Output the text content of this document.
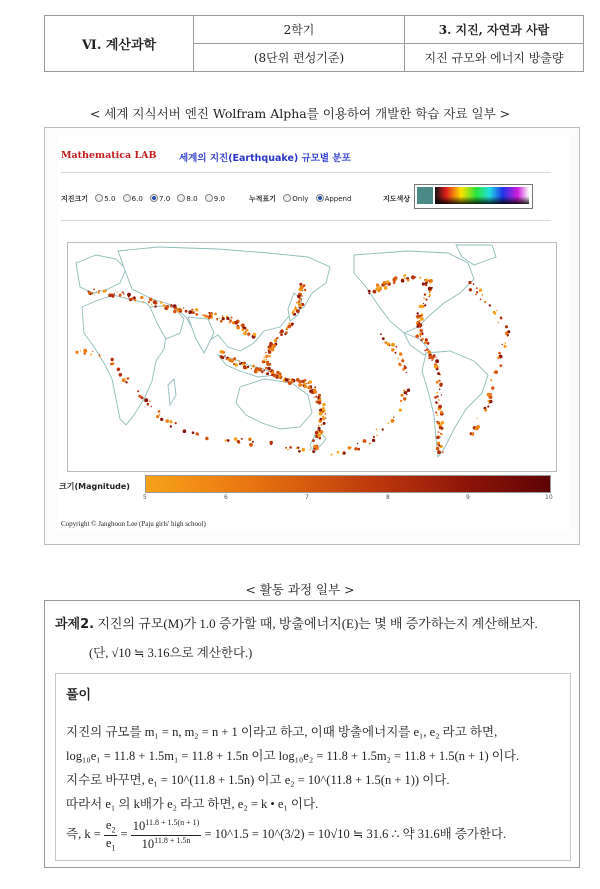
Ⅵ. 계산과학	2학기	3. 지진, 자연과 사람
	(8단위 편성기준)	지진 규모와 에너지 방출량
< 세계 지식서버 엔진 Wolfram Alpha를 이용하여 개발한 학습 자료 일부 >
Mathematica LAB 세계의 지진(Earthquake) 규모별 분포
지진크기 5.0 6.0 7.0 8.0 9.0	누적표기 Only Append	지도색상
크기(Magnitude)
5	6	7	8	9	10
Copyright © Janghoon Lee (Paju girls' high school)
< 활동 과정 일부 >
과제2. 지진의 규모(M)가 1.0 증가할 때, 방출에너지(E)는 몇 배 증가하는지 계산해보자.
(단, √10 ≒ 3.16으로 계산한다.)
풀이
지진의 규모를 m₁ = n, m₂ = n + 1 이라고 하고, 이때 방출에너지를 e₁, e₂ 라고 하면,
log₁₀e₁ = 11.8 + 1.5m₁ = 11.8 + 1.5n 이고 log₁₀e₂ = 11.8 + 1.5m₂ = 11.8 + 1.5(n + 1) 이다.
지수로 바꾸면, e₁ = 10^(11.8 + 1.5n) 이고 e₂ = 10^(11.8 + 1.5(n + 1)) 이다.
따라서 e₁ 의 k배가 e₂ 라고 하면, e₂ = k • e₁ 이다.
즉, $k = \frac{e_2}{e_1} = \frac{10^{11.8 + 1.5(n + 1)}}{10^{11.8 + 1.5n}}$ = 10^1.5 = 10^(3/2) = 10√10 ≒ 31.6 ∴ 약 31.6배 증가한다.
